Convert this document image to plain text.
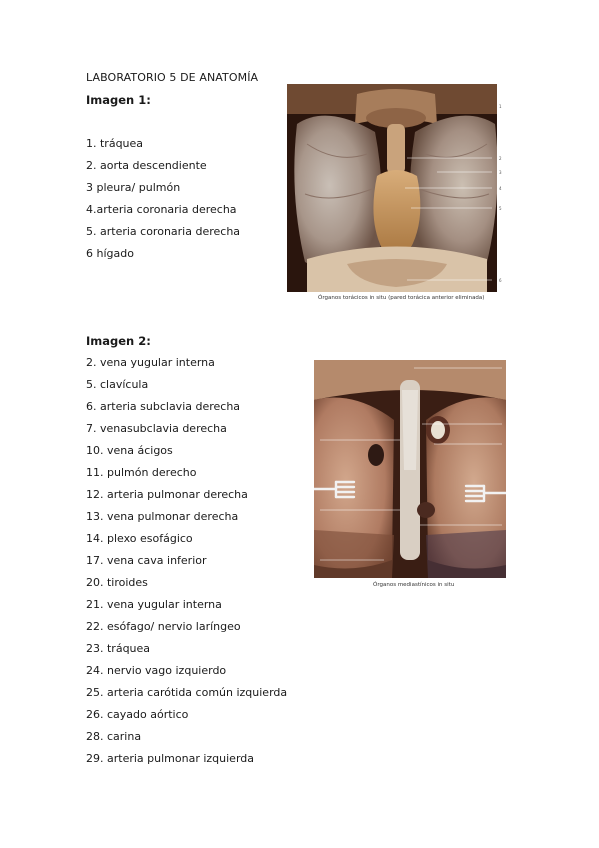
LABORATORIO 5 DE ANATOMÍA
Imagen 1:
1. tráquea
2. aorta descendiente
3 pleura/ pulmón
4.arteria coronaria derecha
5. arteria coronaria derecha
6 hígado
1
2
3
4
5
6
Órganos torácicos in situ (pared torácica anterior eliminada)
Imagen 2:
2. vena yugular interna
5. clavícula
6. arteria subclavia derecha
7. venasubclavia derecha
10. vena ácigos
11. pulmón derecho
12. arteria pulmonar derecha
13. vena pulmonar derecha
14. plexo esofágico
17. vena cava inferior
20. tiroides
21. vena yugular interna
22. esófago/ nervio laríngeo
23. tráquea
24. nervio vago izquierdo
25. arteria carótida común izquierda
26. cayado aórtico
28. carina
29. arteria pulmonar izquierda
Órganos mediastínicos in situ
